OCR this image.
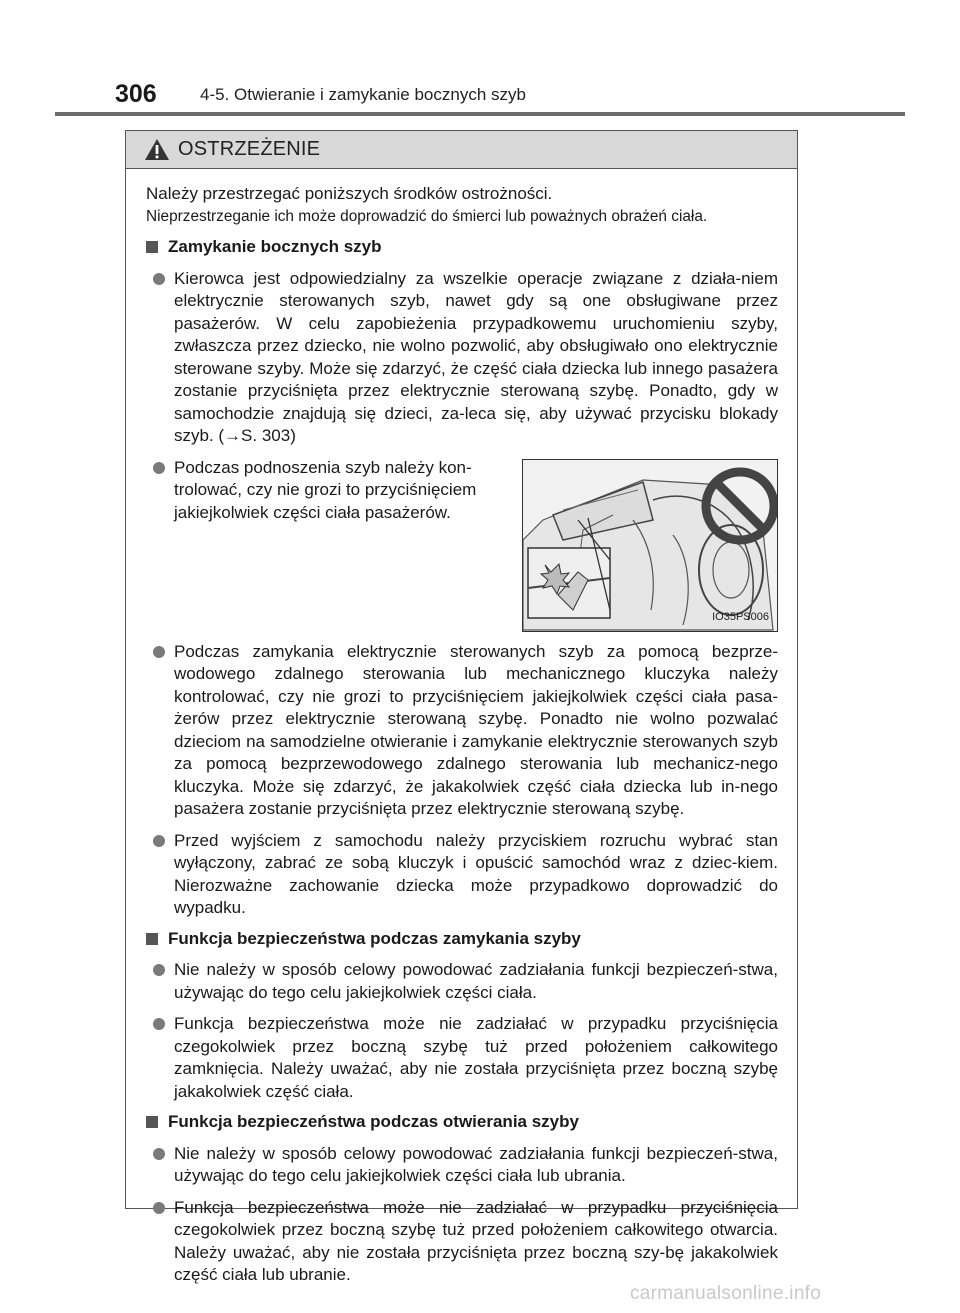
306	4-5. Otwieranie i zamykanie bocznych szyb
OSTRZEŻENIE

Należy przestrzegać poniższych środków ostrożności.

Nieprzestrzeganie ich może doprowadzić do śmierci lub poważnych obrażeń ciała.

Zamykanie bocznych szyb
Kierowca jest odpowiedzialny za wszelkie operacje związane z działa-niem elektrycznie sterowanych szyb, nawet gdy są one obsługiwane przez pasażerów. W celu zapobieżenia przypadkowemu uruchomieniu szyby, zwłaszcza przez dziecko, nie wolno pozwolić, aby obsługiwało ono elektrycznie sterowane szyby. Może się zdarzyć, że część ciała dziecka lub innego pasażera zostanie przyciśnięta przez elektrycznie sterowaną szybę. Ponadto, gdy w samochodzie znajdują się dzieci, za-leca się, aby używać przycisku blokady szyb. (→S. 303)
Podczas podnoszenia szyb należy kon-trolować, czy nie grozi to przyciśnięciem jakiejkolwiek części ciała pasażerów.
IO35PS006
Podczas zamykania elektrycznie sterowanych szyb za pomocą bezprze-wodowego zdalnego sterowania lub mechanicznego kluczyka należy kontrolować, czy nie grozi to przyciśnięciem jakiejkolwiek części ciała pasa-żerów przez elektrycznie sterowaną szybę. Ponadto nie wolno pozwalać dzieciom na samodzielne otwieranie i zamykanie elektrycznie sterowanych szyb za pomocą bezprzewodowego zdalnego sterowania lub mechanicz-nego kluczyka. Może się zdarzyć, że jakakolwiek część ciała dziecka lub in-nego pasażera zostanie przyciśnięta przez elektrycznie sterowaną szybę.
Przed wyjściem z samochodu należy przyciskiem rozruchu wybrać stan wyłączony, zabrać ze sobą kluczyk i opuścić samochód wraz z dziec-kiem. Nierozważne zachowanie dziecka może przypadkowo doprowadzić do wypadku.
Funkcja bezpieczeństwa podczas zamykania szyby
Nie należy w sposób celowy powodować zadziałania funkcji bezpieczeń-stwa, używając do tego celu jakiejkolwiek części ciała.
Funkcja bezpieczeństwa może nie zadziałać w przypadku przyciśnięcia czegokolwiek przez boczną szybę tuż przed położeniem całkowitego zamknięcia. Należy uważać, aby nie została przyciśnięta przez boczną szybę jakakolwiek część ciała.
Funkcja bezpieczeństwa podczas otwierania szyby
Nie należy w sposób celowy powodować zadziałania funkcji bezpieczeń-stwa, używając do tego celu jakiejkolwiek części ciała lub ubrania.
Funkcja bezpieczeństwa może nie zadziałać w przypadku przyciśnięcia czegokolwiek przez boczną szybę tuż przed położeniem całkowitego otwarcia. Należy uważać, aby nie została przyciśnięta przez boczną szy-bę jakakolwiek część ciała lub ubranie.
carmanualsonline.info
